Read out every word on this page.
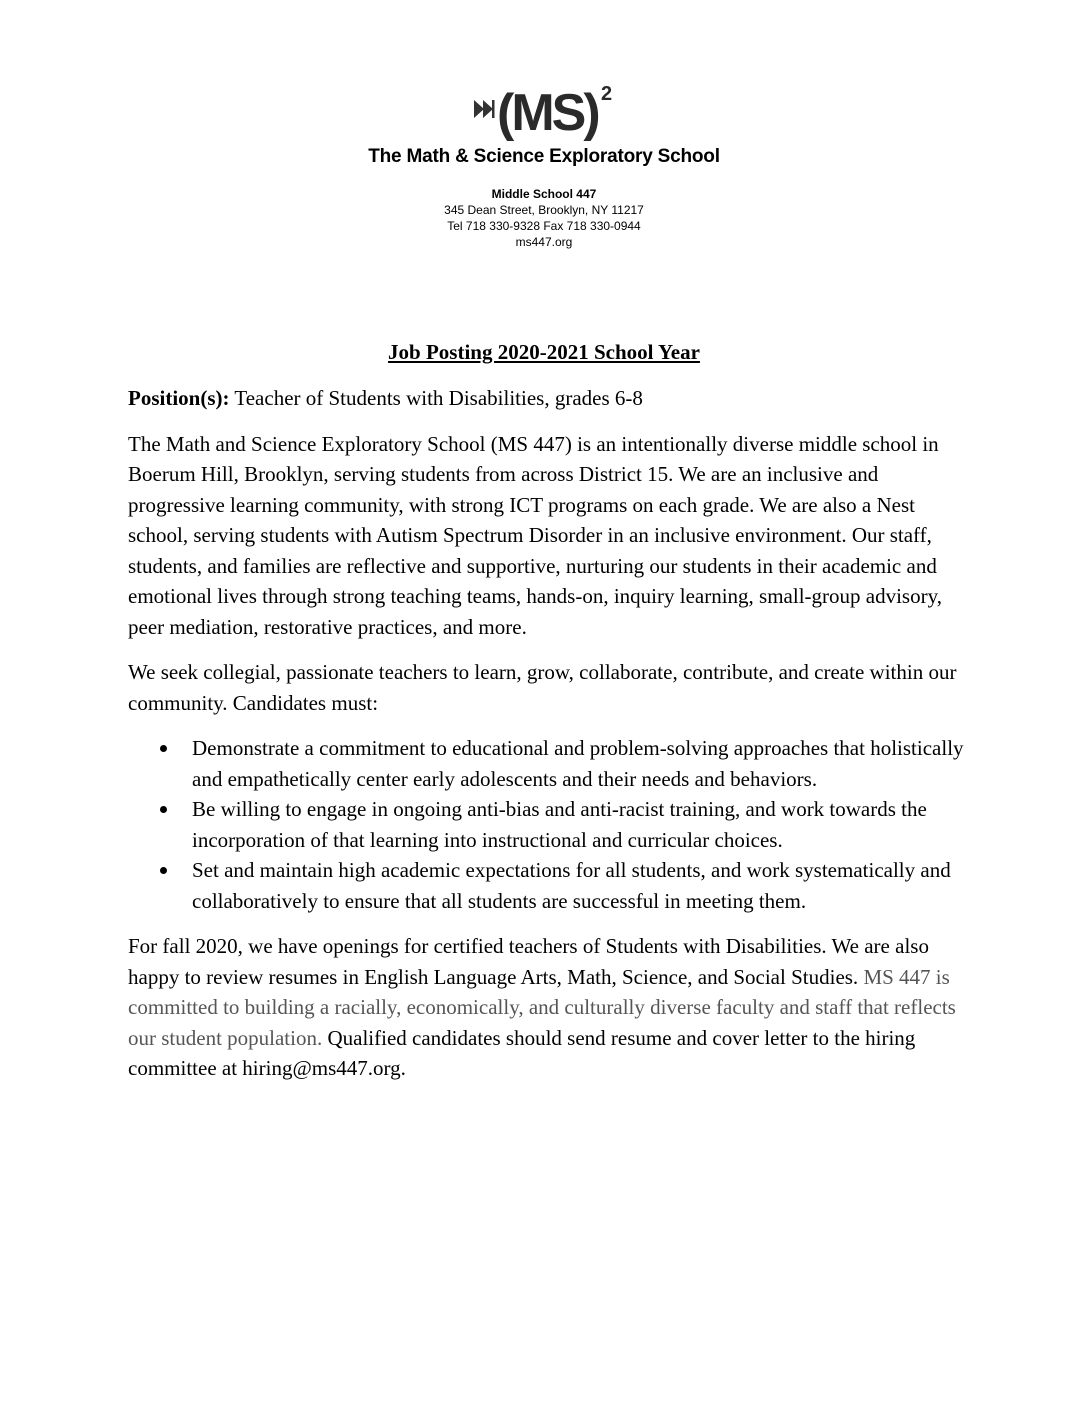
(MS) 2
The Math & Science Exploratory School
Middle School 447
345 Dean Street, Brooklyn, NY 11217
Tel 718 330-9328 Fax 718 330-0944
ms447.org
Job Posting 2020-2021 School Year

Position(s): Teacher of Students with Disabilities, grades 6-8

The Math and Science Exploratory School (MS 447) is an intentionally diverse middle school in Boerum Hill, Brooklyn, serving students from across District 15. We are an inclusive and progressive learning community, with strong ICT programs on each grade. We are also a Nest school, serving students with Autism Spectrum Disorder in an inclusive environment. Our staff, students, and families are reflective and supportive, nurturing our students in their academic and emotional lives through strong teaching teams, hands-on, inquiry learning, small-group advisory, peer mediation, restorative practices, and more.

We seek collegial, passionate teachers to learn, grow, collaborate, contribute, and create within our community. Candidates must:

Demonstrate a commitment to educational and problem-solving approaches that holistically and empathetically center early adolescents and their needs and behaviors.
Be willing to engage in ongoing anti-bias and anti-racist training, and work towards the incorporation of that learning into instructional and curricular choices.
Set and maintain high academic expectations for all students, and work systematically and collaboratively to ensure that all students are successful in meeting them.

For fall 2020, we have openings for certified teachers of Students with Disabilities. We are also happy to review resumes in English Language Arts, Math, Science, and Social Studies. MS 447 is committed to building a racially, economically, and culturally diverse faculty and staff that reflects our student population. Qualified candidates should send resume and cover letter to the hiring committee at hiring@ms447.org.
